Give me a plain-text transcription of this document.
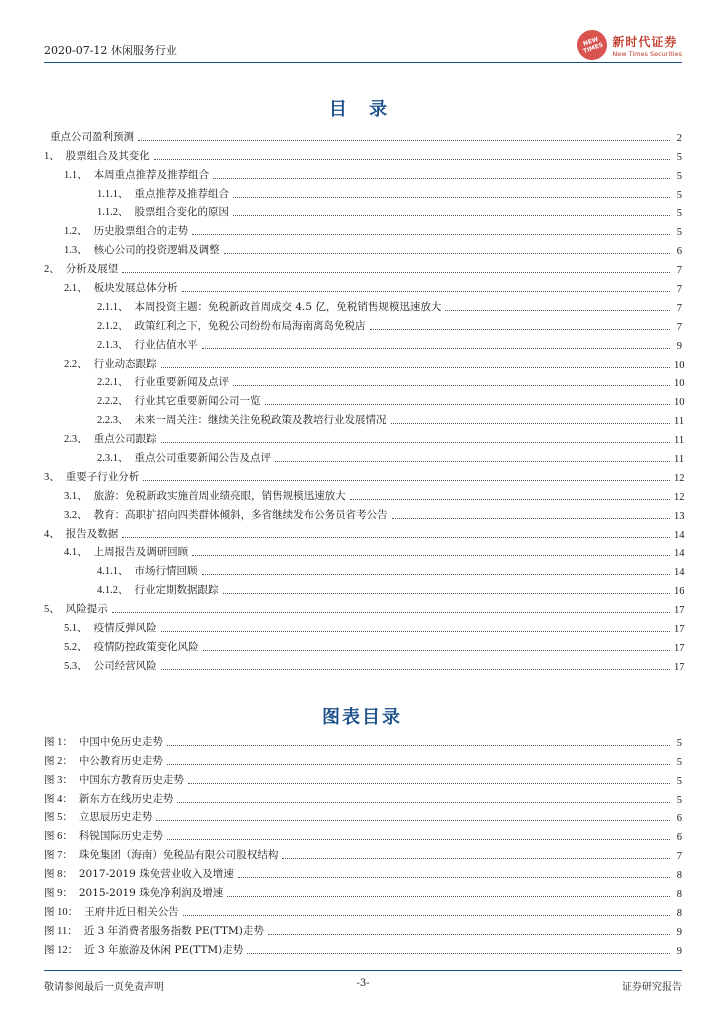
2020-07-12 休闲服务行业
NEW TIMES 新时代证券
New Times Securities
目 录
重点公司盈利预测	2
1、 股票组合及其变化	5
1.1、 本周重点推荐及推荐组合	5
1.1.1、 重点推荐及推荐组合	5
1.1.2、 股票组合变化的原因	5
1.2、 历史股票组合的走势	5
1.3、 核心公司的投资逻辑及调整	6
2、 分析及展望	7
2.1、 板块发展总体分析	7
2.1.1、 本周投资主题：免税新政首周成交 4.5 亿，免税销售规模迅速放大	7
2.1.2、 政策红利之下，免税公司纷纷布局海南离岛免税店	7
2.1.3、 行业估值水平	9
2.2、 行业动态跟踪	10
2.2.1、 行业重要新闻及点评	10
2.2.2、 行业其它重要新闻公司一览	10
2.2.3、 未来一周关注：继续关注免税政策及教培行业发展情况	11
2.3、 重点公司跟踪	11
2.3.1、 重点公司重要新闻公告及点评	11
3、 重要子行业分析	12
3.1、 旅游：免税新政实施首周业绩亮眼，销售规模迅速放大	12
3.2、 教育：高职扩招向四类群体倾斜，多省继续发布公务员省考公告	13
4、 报告及数据	14
4.1、 上周报告及调研回顾	14
4.1.1、 市场行情回顾	14
4.1.2、 行业定期数据跟踪	16
5、 风险提示	17
5.1、 疫情反弹风险	17
5.2、 疫情防控政策变化风险	17
5.3、 公司经营风险	17
图表目录
图 1： 中国中免历史走势	5
图 2： 中公教育历史走势	5
图 3： 中国东方教育历史走势	5
图 4： 新东方在线历史走势	5
图 5： 立思辰历史走势	6
图 6： 科锐国际历史走势	6
图 7： 珠免集团（海南）免税品有限公司股权结构	7
图 8： 2017-2019 珠免营业收入及增速	8
图 9： 2015-2019 珠免净利润及增速	8
图 10： 王府井近日相关公告	8
图 11： 近 3 年消费者服务指数 PE(TTM)走势	9
图 12： 近 3 年旅游及休闲 PE(TTM)走势	9
敬请参阅最后一页免责声明	-3-	证券研究报告
